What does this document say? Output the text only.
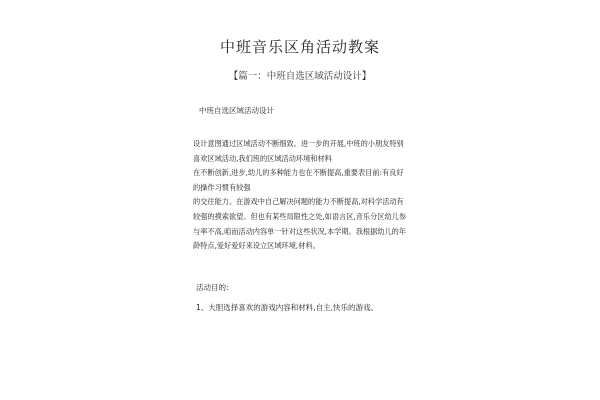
中班音乐区角活动教案
【篇一：中班自选区域活动设计】
中班自选区域活动设计
设计意图通过区域活动不断细致。进一步的开展,中班的小朋友特别
喜欢区域活动,我们班的区域活动环境和材料
在不断创新,进步,幼儿的多种能力也在不断提高,重要表目前:有良好
的操作习惯有较强
的交往能力。在游戏中自己解决问题的能力不断提高,对科学活动有
较强的摸索欲望。但也有某些局限性之处,如语言区,音乐分区幼儿参
与率不高,咱而活动内容单一针对这些状况,本学期。我根据幼儿的年
龄特点,爱好爱好来设立区域环境,材料。
活动目的:
1、大胆选择喜欢的游戏内容和材料,自主,快乐的游戏。
